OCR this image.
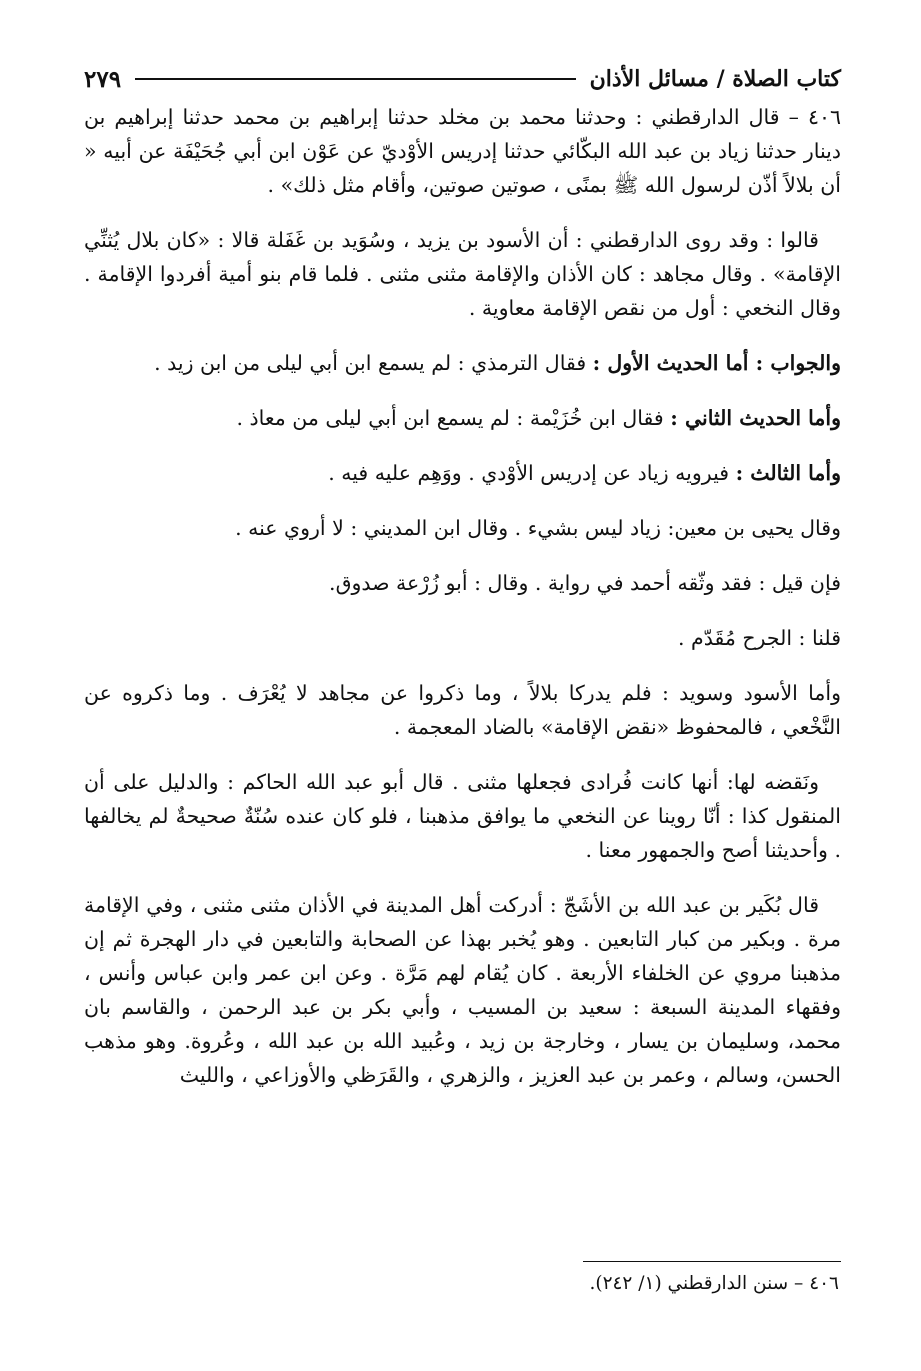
كتاب الصلاة / مسائل الأذان
٢٧٩

٤٠٦ – قال الدارقطني : وحدثنا محمد بن مخلد حدثنا إبراهيم بن محمد حدثنا إبراهيم بن دينار حدثنا زياد بن عبد الله البكّائي حدثنا إدريس الأوْديّ عن عَوْن ابن أبي جُحَيْفَة عن أبيه « أن بلالاً أذّن لرسول الله ﷺ بمنًى ، صوتين صوتين، وأقام مثل ذلك» .

قالوا : وقد روى الدارقطني : أن الأسود بن يزيد ، وسُوَيد بن غَفَلة قالا : «كان بلال يُثنِّي الإقامة» . وقال مجاهد : كان الأذان والإقامة مثنى مثنى . فلما قام بنو أمية أفردوا الإقامة . وقال النخعي : أول من نقص الإقامة معاوية .

والجواب : أما الحديث الأول : فقال الترمذي : لم يسمع ابن أبي ليلى من ابن زيد .

وأما الحديث الثاني : فقال ابن خُزَيْمة : لم يسمع ابن أبي ليلى من معاذ .

وأما الثالث : فيرويه زياد عن إدريس الأوْدي . ووَهِم عليه فيه .

وقال يحيى بن معين: زياد ليس بشيء . وقال ابن المديني : لا أروي عنه .

فإن قيل : فقد وثّقه أحمد في رواية . وقال : أبو زُرْعة صدوق.

قلنا : الجرح مُقَدّم .

وأما الأسود وسويد : فلم يدركا بلالاً ، وما ذكروا عن مجاهد لا يُعْرَف . وما ذكروه عن النَّخْعي ، فالمحفوظ «نقض الإقامة» بالضاد المعجمة .

ونَقضه لها: أنها كانت فُرادى فجعلها مثنى . قال أبو عبد الله الحاكم : والدليل على أن المنقول كذا : أنّا روينا عن النخعي ما يوافق مذهبنا ، فلو كان عنده سُنّةٌ صحيحةٌ لم يخالفها . وأحديثنا أصح والجمهور معنا .

قال بُكَير بن عبد الله بن الأشَجّ : أدركت أهل المدينة في الأذان مثنى مثنى ، وفي الإقامة مرة . وبكير من كبار التابعين . وهو يُخبر بهذا عن الصحابة والتابعين في دار الهجرة ثم إن مذهبنا مروي عن الخلفاء الأربعة . كان يُقام لهم مَرَّة . وعن ابن عمر وابن عباس وأنس ، وفقهاء المدينة السبعة : سعيد بن المسيب ، وأبي بكر بن عبد الرحمن ، والقاسم بان محمد، وسليمان بن يسار ، وخارجة بن زيد ، وعُبيد الله بن عبد الله ، وعُروة. وهو مذهب الحسن، وسالم ، وعمر بن عبد العزيز ، والزهري ، والقَرَظي والأوزاعي ، والليث

٤٠٦ – سنن الدارقطني (١/ ٢٤٢).
